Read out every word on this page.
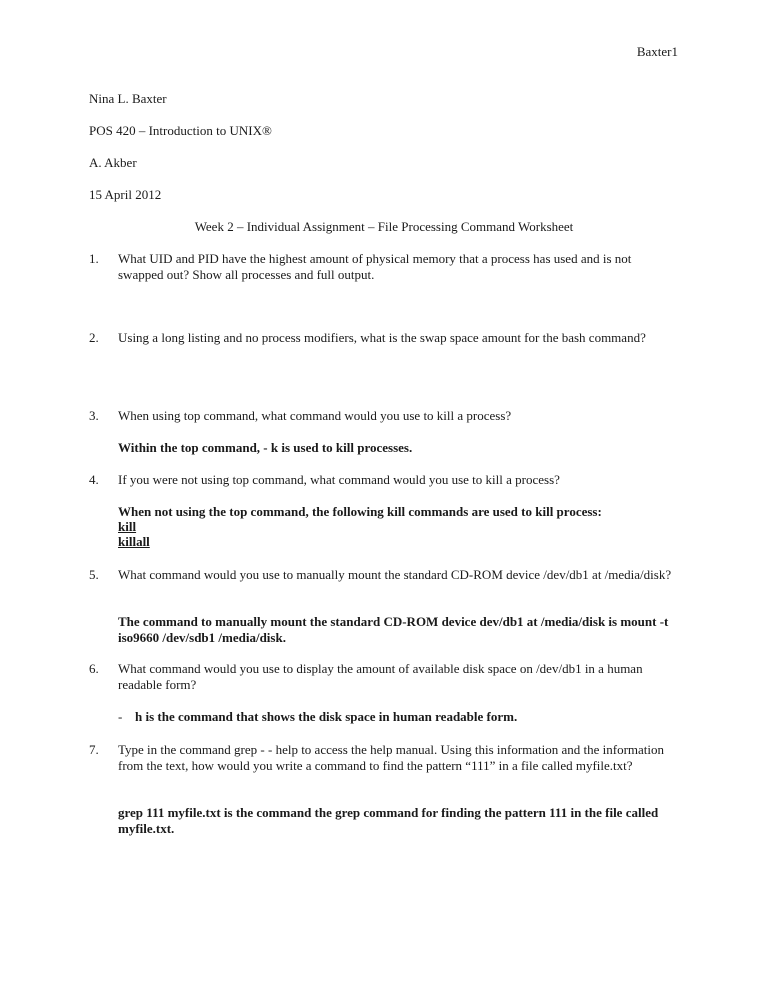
Baxter1
Nina L. Baxter
POS 420 – Introduction to UNIX®
A. Akber
15 April 2012
Week 2 – Individual Assignment – File Processing Command Worksheet
1. What UID and PID have the highest amount of physical memory that a process has used and is not swapped out? Show all processes and full output.
2. Using a long listing and no process modifiers, what is the swap space amount for the bash command?
3. When using top command, what command would you use to kill a process?
Within the top command, - k is used to kill processes.
4. If you were not using top command, what command would you use to kill a process?
When not using the top command, the following kill commands are used to kill process:
kill
killall
5. What command would you use to manually mount the standard CD-ROM device /dev/db1 at /media/disk?
The command to manually mount the standard CD-ROM device dev/db1 at /media/disk is mount -t iso9660 /dev/sdb1 /media/disk.
6. What command would you use to display the amount of available disk space on /dev/db1 in a human readable form?
- h is the command that shows the disk space in human readable form.
7. Type in the command grep - - help to access the help manual. Using this information and the information from the text, how would you write a command to find the pattern “111” in a file called myfile.txt?
grep 111 myfile.txt is the command the grep command for finding the pattern 111 in the file called myfile.txt.
